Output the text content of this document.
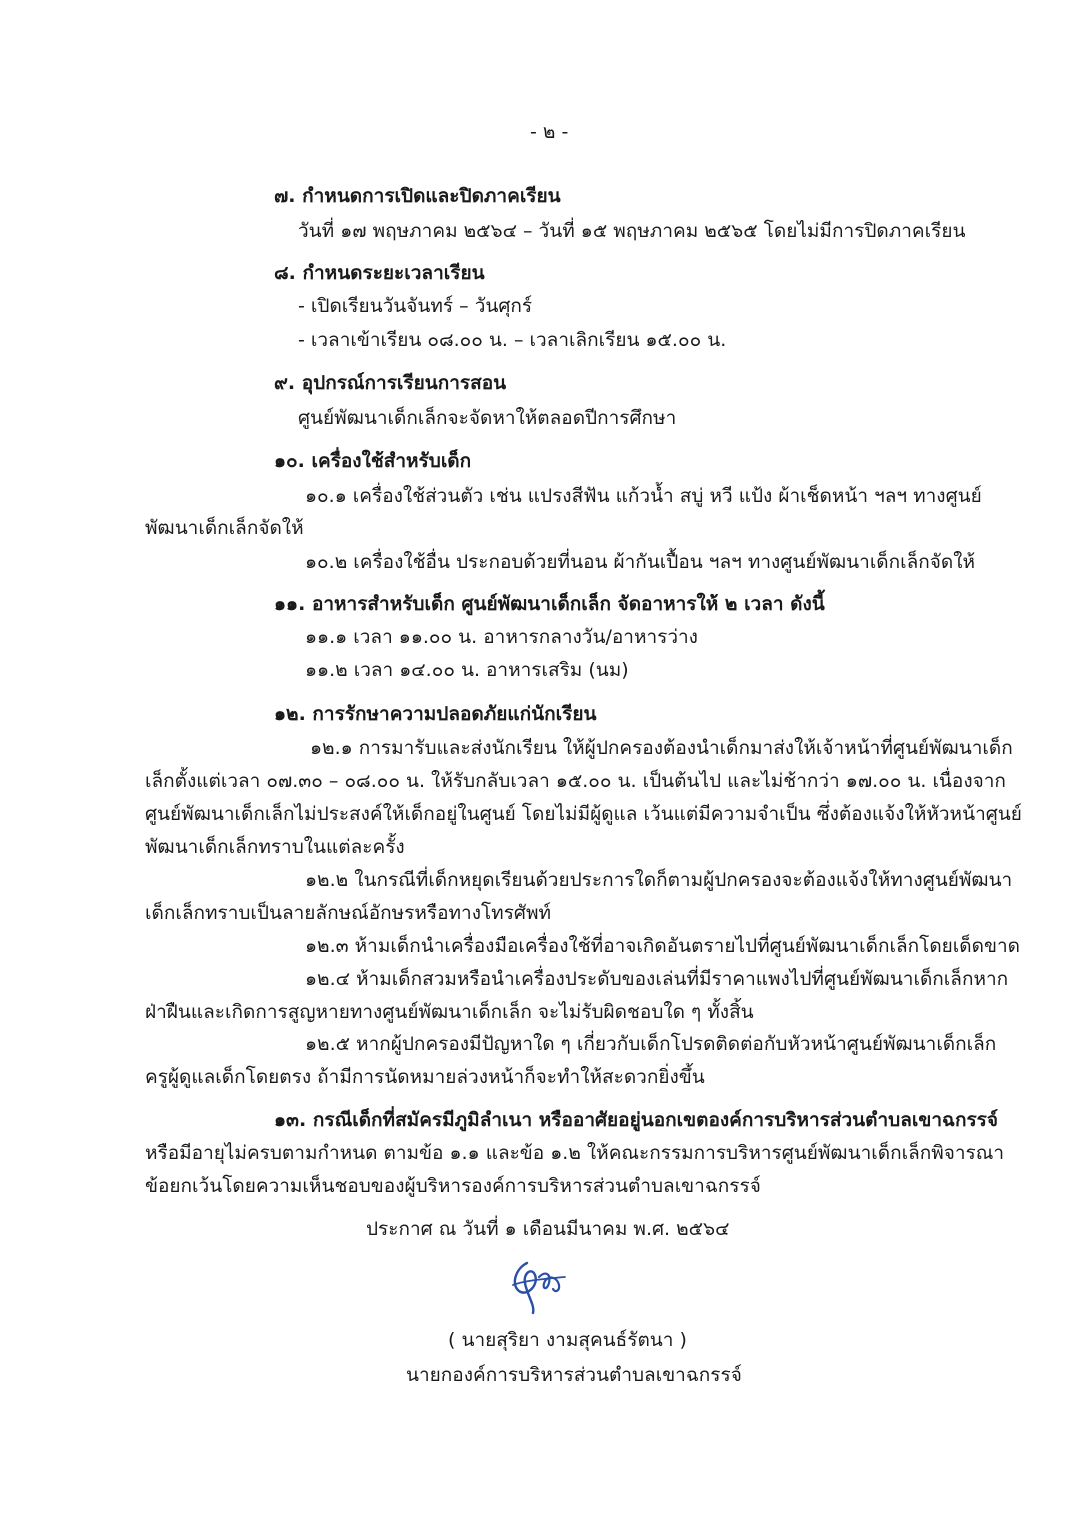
- ๒ -
๗. กำหนดการเปิดและปิดภาคเรียน
วันที่ ๑๗ พฤษภาคม ๒๕๖๔ – วันที่ ๑๕ พฤษภาคม ๒๕๖๕ โดยไม่มีการปิดภาคเรียน
๘. กำหนดระยะเวลาเรียน
- เปิดเรียนวันจันทร์ – วันศุกร์
- เวลาเข้าเรียน ๐๘.๐๐ น. – เวลาเลิกเรียน ๑๕.๐๐ น.
๙. อุปกรณ์การเรียนการสอน
ศูนย์พัฒนาเด็กเล็กจะจัดหาให้ตลอดปีการศึกษา
๑๐. เครื่องใช้สำหรับเด็ก
๑๐.๑ เครื่องใช้ส่วนตัว เช่น แปรงสีฟัน แก้วน้ำ สบู่ หวี แป้ง ผ้าเช็ดหน้า ฯลฯ ทางศูนย์
พัฒนาเด็กเล็กจัดให้
๑๐.๒ เครื่องใช้อื่น ประกอบด้วยที่นอน ผ้ากันเปื้อน ฯลฯ ทางศูนย์พัฒนาเด็กเล็กจัดให้
๑๑. อาหารสำหรับเด็ก ศูนย์พัฒนาเด็กเล็ก จัดอาหารให้ ๒ เวลา ดังนี้
๑๑.๑ เวลา ๑๑.๐๐ น. อาหารกลางวัน/อาหารว่าง
๑๑.๒ เวลา ๑๔.๐๐ น. อาหารเสริม (นม)
๑๒. การรักษาความปลอดภัยแก่นักเรียน
๑๒.๑ การมารับและส่งนักเรียน ให้ผู้ปกครองต้องนำเด็กมาส่งให้เจ้าหน้าที่ศูนย์พัฒนาเด็ก
เล็กตั้งแต่เวลา ๐๗.๓๐ – ๐๘.๐๐ น. ให้รับกลับเวลา ๑๕.๐๐ น. เป็นต้นไป และไม่ช้ากว่า ๑๗.๐๐ น. เนื่องจาก
ศูนย์พัฒนาเด็กเล็กไม่ประสงค์ให้เด็กอยู่ในศูนย์ โดยไม่มีผู้ดูแล เว้นแต่มีความจำเป็น ซึ่งต้องแจ้งให้หัวหน้าศูนย์
พัฒนาเด็กเล็กทราบในแต่ละครั้ง
๑๒.๒ ในกรณีที่เด็กหยุดเรียนด้วยประการใดก็ตามผู้ปกครองจะต้องแจ้งให้ทางศูนย์พัฒนา
เด็กเล็กทราบเป็นลายลักษณ์อักษรหรือทางโทรศัพท์
๑๒.๓ ห้ามเด็กนำเครื่องมือเครื่องใช้ที่อาจเกิดอันตรายไปที่ศูนย์พัฒนาเด็กเล็กโดยเด็ดขาด
๑๒.๔ ห้ามเด็กสวมหรือนำเครื่องประดับของเล่นที่มีราคาแพงไปที่ศูนย์พัฒนาเด็กเล็กหาก
ฝ่าฝืนและเกิดการสูญหายทางศูนย์พัฒนาเด็กเล็ก จะไม่รับผิดชอบใด ๆ ทั้งสิ้น
๑๒.๕ หากผู้ปกครองมีปัญหาใด ๆ เกี่ยวกับเด็กโปรดติดต่อกับหัวหน้าศูนย์พัฒนาเด็กเล็ก
ครูผู้ดูแลเด็กโดยตรง ถ้ามีการนัดหมายล่วงหน้าก็จะทำให้สะดวกยิ่งขึ้น
๑๓. กรณีเด็กที่สมัครมีภูมิลำเนา หรืออาศัยอยู่นอกเขตองค์การบริหารส่วนตำบลเขาฉกรรจ์
หรือมีอายุไม่ครบตามกำหนด ตามข้อ ๑.๑ และข้อ ๑.๒ ให้คณะกรรมการบริหารศูนย์พัฒนาเด็กเล็กพิจารณา
ข้อยกเว้นโดยความเห็นชอบของผู้บริหารองค์การบริหารส่วนตำบลเขาฉกรรจ์
ประกาศ ณ วันที่ ๑ เดือนมีนาคม พ.ศ. ๒๕๖๔
( นายสุริยา งามสุคนธ์รัตนา )
นายกองค์การบริหารส่วนตำบลเขาฉกรรจ์
